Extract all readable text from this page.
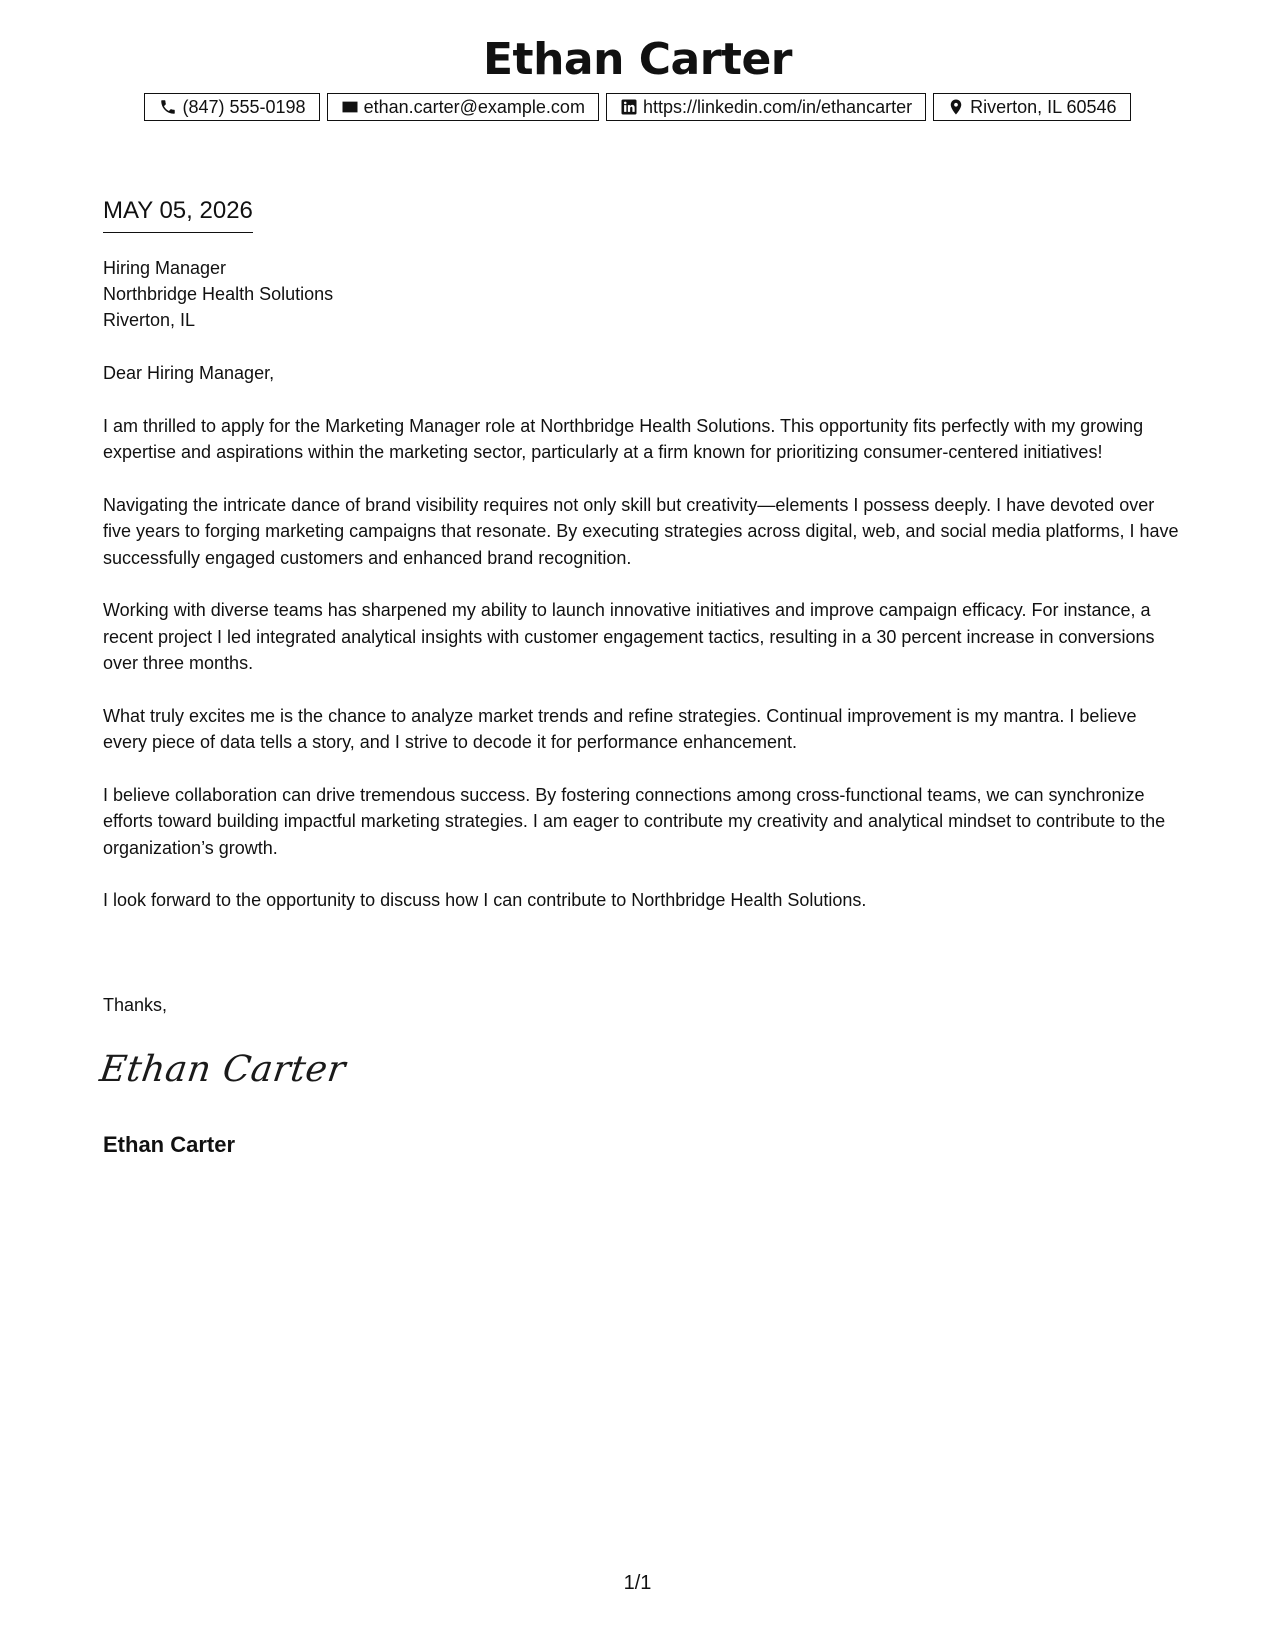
Ethan Carter
(847) 555-0198	ethan.carter@example.com	https://linkedin.com/in/ethancarter	Riverton, IL 60546
MAY 05, 2026
Hiring Manager
Northbridge Health Solutions
Riverton, IL

Dear Hiring Manager,

I am thrilled to apply for the Marketing Manager role at Northbridge Health Solutions. This opportunity fits perfectly with my growing expertise and aspirations within the marketing sector, particularly at a firm known for prioritizing consumer-centered initiatives!

Navigating the intricate dance of brand visibility requires not only skill but creativity—elements I possess deeply. I have devoted over five years to forging marketing campaigns that resonate. By executing strategies across digital, web, and social media platforms, I have successfully engaged customers and enhanced brand recognition.

Working with diverse teams has sharpened my ability to launch innovative initiatives and improve campaign efficacy. For instance, a recent project I led integrated analytical insights with customer engagement tactics, resulting in a 30 percent increase in conversions over three months.

What truly excites me is the chance to analyze market trends and refine strategies. Continual improvement is my mantra. I believe every piece of data tells a story, and I strive to decode it for performance enhancement.

I believe collaboration can drive tremendous success. By fostering connections among cross-functional teams, we can synchronize efforts toward building impactful marketing strategies. I am eager to contribute my creativity and analytical mindset to contribute to the organization’s growth.

I look forward to the opportunity to discuss how I can contribute to Northbridge Health Solutions.

Thanks,
Ethan Carter
Ethan Carter
1/1
